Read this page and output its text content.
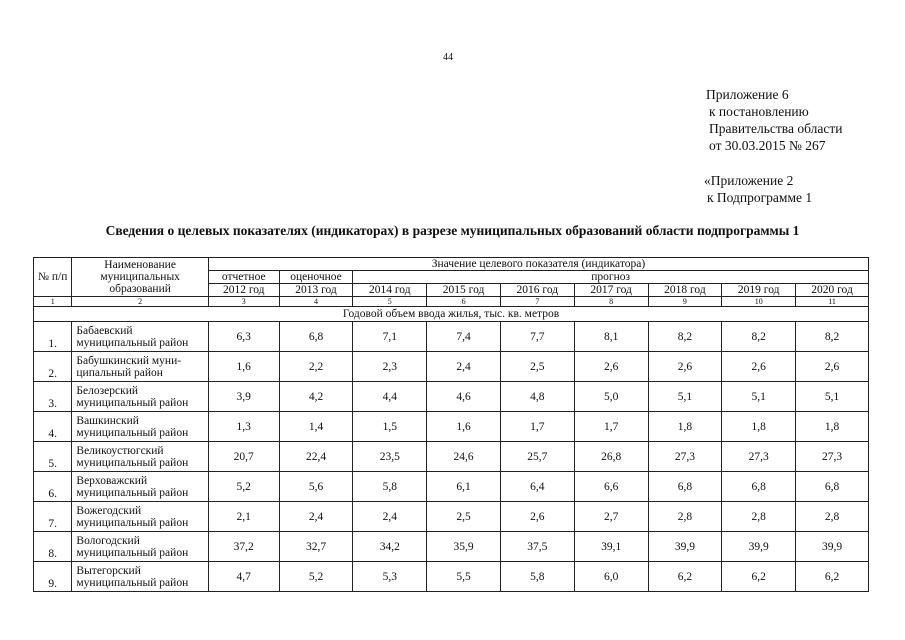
44
Приложение 6
к постановлению
Правительства области
от 30.03.2015 № 267
«Приложение 2
к Подпрограмме 1
Сведения о целевых показателях (индикаторах) в разрезе муниципальных образований области подпрограммы 1
№ п/п	Наименование муниципальных образований	Значение целевого показателя (индикатора)								
		отчетное	оценочное	прогноз						
		2012 год	2013 год	2014 год	2015 год	2016 год	2017 год	2018 год	2019 год	2020 год
1	2	3	4	5	6	7	8	9	10	11
Годовой объем ввода жилья, тыс. кв. метров										
1.	Бабаевский муниципальный район	6,3	6,8	7,1	7,4	7,7	8,1	8,2	8,2	8,2
2.	Бабушкинский муни-ципальный район	1,6	2,2	2,3	2,4	2,5	2,6	2,6	2,6	2,6
3.	Белозерский муниципальный район	3,9	4,2	4,4	4,6	4,8	5,0	5,1	5,1	5,1
4.	Вашкинский муниципальный район	1,3	1,4	1,5	1,6	1,7	1,7	1,8	1,8	1,8
5.	Великоустюгский муниципальный район	20,7	22,4	23,5	24,6	25,7	26,8	27,3	27,3	27,3
6.	Верховажский муниципальный район	5,2	5,6	5,8	6,1	6,4	6,6	6,8	6,8	6,8
7.	Вожегодский муниципальный район	2,1	2,4	2,4	2,5	2,6	2,7	2,8	2,8	2,8
8.	Вологодский муниципальный район	37,2	32,7	34,2	35,9	37,5	39,1	39,9	39,9	39,9
9.	Вытегорский муниципальный район	4,7	5,2	5,3	5,5	5,8	6,0	6,2	6,2	6,2
